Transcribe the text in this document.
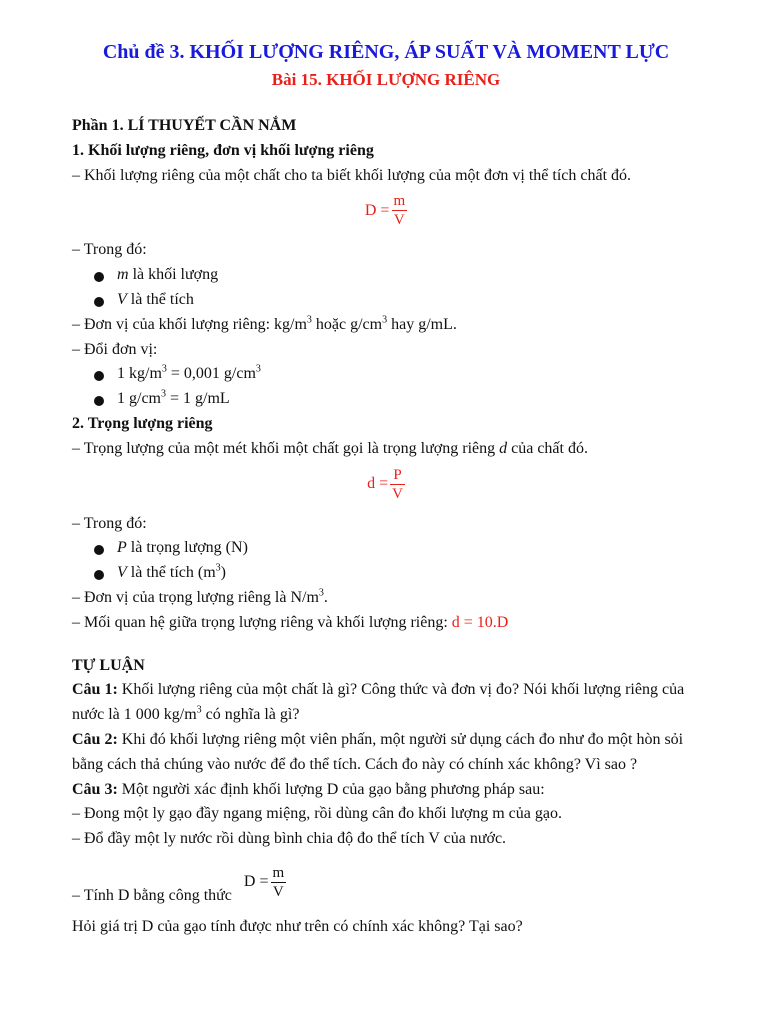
Chủ đề 3. KHỐI LƯỢNG RIÊNG, ÁP SUẤT VÀ MOMENT LỰC

Bài 15. KHỐI LƯỢNG RIÊNG

Phần 1. LÍ THUYẾT CẦN NẮM

1. Khối lượng riêng, đơn vị khối lượng riêng

– Khối lượng riêng của một chất cho ta biết khối lượng của một đơn vị thể tích chất đó.

$D = \frac{m}{V}$

– Trong đó:

m là khối lượng

V là thể tích

– Đơn vị của khối lượng riêng: $kg/m^3$ hoặc $g/cm^3$ hay g/mL.

– Đổi đơn vị:

1 $kg/m^3 = 0,001$ $g/cm^3$

1 $g/cm^3 = 1$ g/mL

2. Trọng lượng riêng

– Trọng lượng của một mét khối một chất gọi là trọng lượng riêng d của chất đó.

$d = \frac{P}{V}$

– Trong đó:

P là trọng lượng (N)

V là thể tích $(m^3)$

– Đơn vị của trọng lượng riêng là $N/m^3$.

– Mối quan hệ giữa trọng lượng riêng và khối lượng riêng: d = 10.D

TỰ LUẬN

Câu 1: Khối lượng riêng của một chất là gì? Công thức và đơn vị đo? Nói khối lượng riêng của

nước là 1 000 $kg/m^3$ có nghĩa là gì?

Câu 2: Khi đó khối lượng riêng một viên phấn, một người sử dụng cách đo như đo một hòn sỏi

bằng cách thả chúng vào nước để đo thể tích. Cách đo này có chính xác không? Vì sao ?

Câu 3: Một người xác định khối lượng D của gạo bằng phương pháp sau:

– Đong một ly gạo đầy ngang miệng, rồi dùng cân đo khối lượng m của gạo.

– Đổ đầy một ly nước rồi dùng bình chia độ đo thể tích V của nước.

– Tính D bằng công thức
$D = \frac{m}{V}$

Hỏi giá trị D của gạo tính được như trên có chính xác không? Tại sao?
